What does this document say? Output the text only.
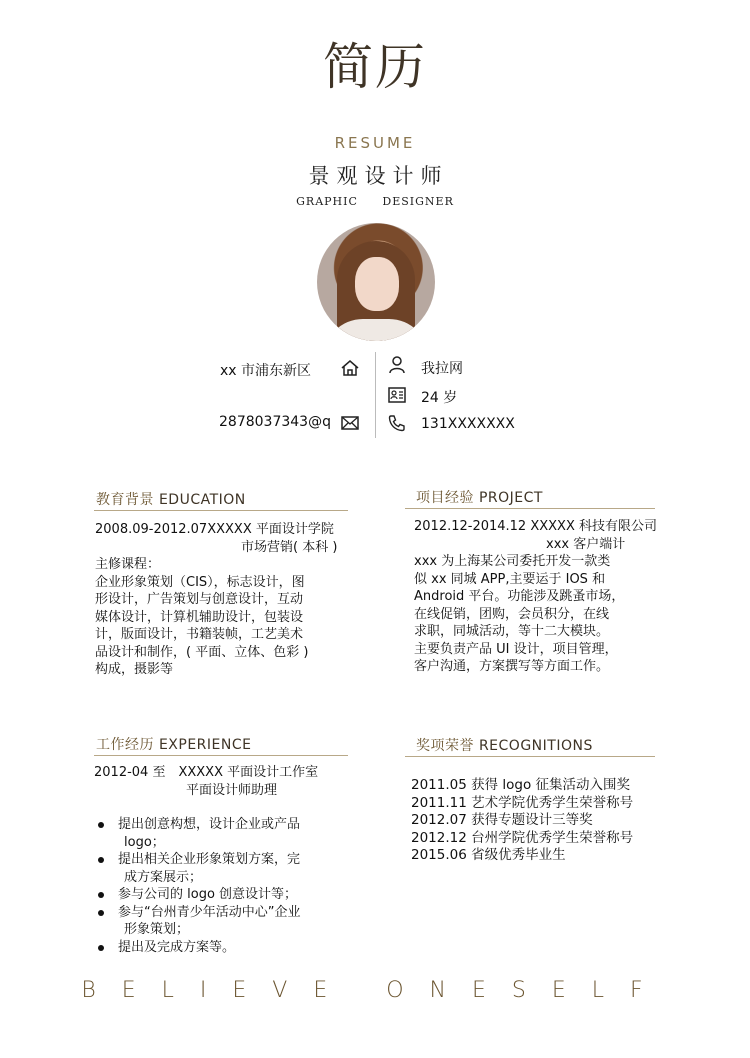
简历
RESUME
景观设计师
GRAPHIC DESIGNER
xx 市浦东新区
2878037343@q
我拉网
24 岁
131XXXXXXX
教育背景 EDUCATION
2008.09-2012.07XXXXX 平面设计学院
市场营销( 本科 )
主修课程：
企业形象策划（CIS），标志设计，图
形设计，广告策划与创意设计，互动
媒体设计，计算机辅助设计，包装设
计，版面设计，书籍装帧，工艺美术
品设计和制作，( 平面、立体、色彩 )
构成，摄影等
项目经验 PROJECT
2012.12-2014.12 XXXXX 科技有限公司
xxx 客户端计
xxx 为上海某公司委托开发一款类
似 xx 同城 APP,主要运于 IOS 和
Android 平台。功能涉及跳蚤市场，
在线促销，团购，会员积分，在线
求职，同城活动，等十二大模块。
主要负责产品 UI 设计，项目管理，
客户沟通，方案撰写等方面工作。
工作经历 EXPERIENCE
2012-04 至　XXXXX 平面设计工作室
平面设计师助理
提出创意构想，设计企业或产品
logo；
提出相关企业形象策划方案，完
成方案展示；
参与公司的 logo 创意设计等；
参与“台州青少年活动中心”企业
形象策划；
提出及完成方案等。
奖项荣誉 RECOGNITIONS
2011.05 获得 logo 征集活动入围奖
2011.11 艺术学院优秀学生荣誉称号
2012.07 获得专题设计三等奖
2012.12 台州学院优秀学生荣誉称号
2015.06 省级优秀毕业生
BELIEVE ONESELF
